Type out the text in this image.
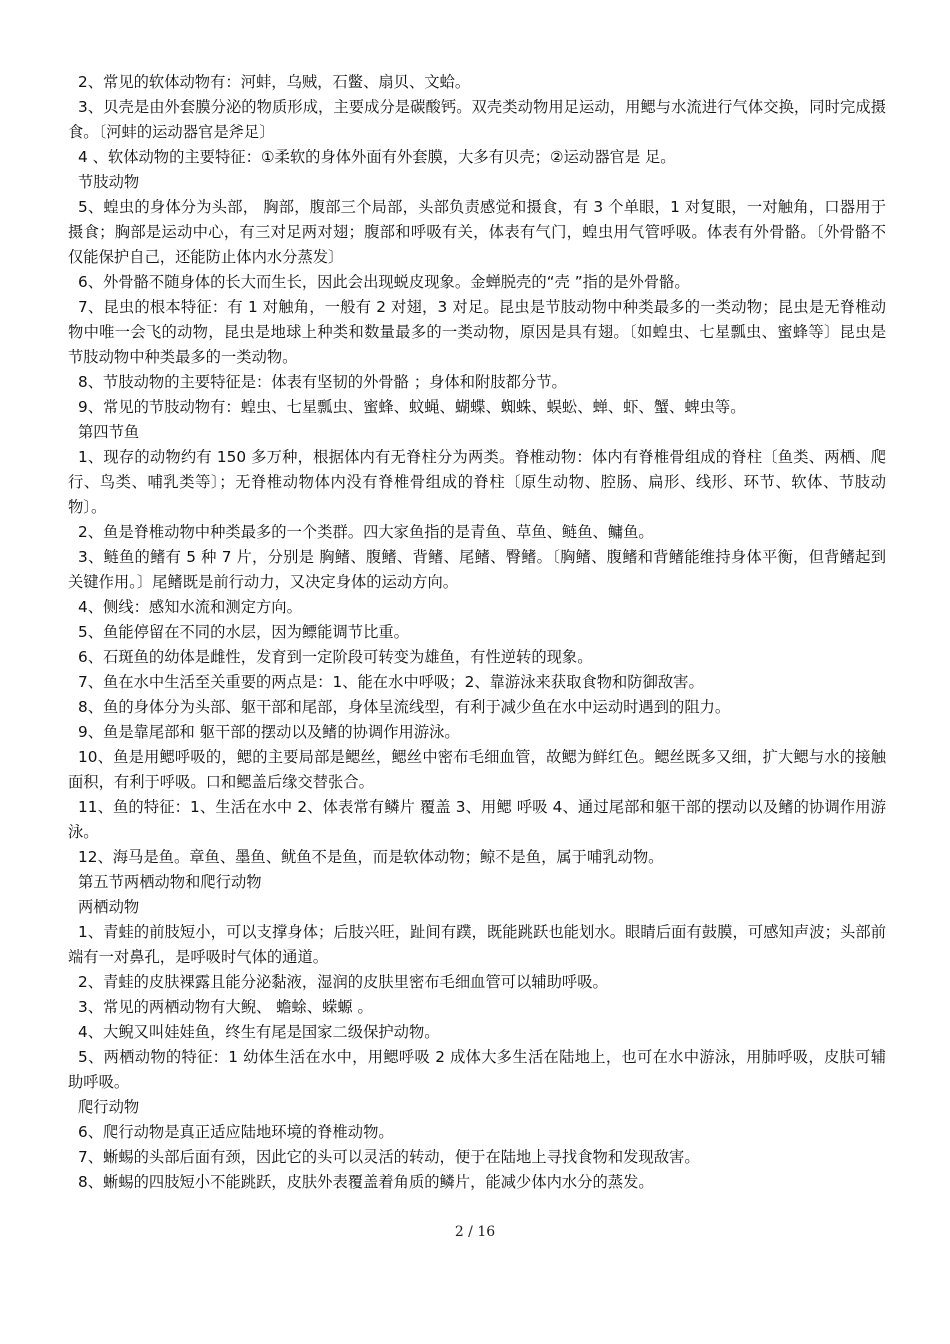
2、常见的软体动物有：河蚌，乌贼，石鳖、扇贝、文蛤。

3、贝壳是由外套膜分泌的物质形成，主要成分是碳酸钙。双壳类动物用足运动，用鳃与水流进行气体交换，同时完成摄食。〔河蚌的运动器官是斧足〕

4 、软体动物的主要特征：①柔软的身体外面有外套膜，大多有贝壳；②运动器官是 足。

节肢动物

5、蝗虫的身体分为头部， 胸部，腹部三个局部，头部负责感觉和摄食，有 3 个单眼，1 对复眼，一对触角，口器用于摄食；胸部是运动中心，有三对足两对翅；腹部和呼吸有关，体表有气门，蝗虫用气管呼吸。体表有外骨骼。〔外骨骼不仅能保护自己，还能防止体内水分蒸发〕

6、外骨骼不随身体的长大而生长，因此会出现蜕皮现象。金蝉脱壳的“壳 ”指的是外骨骼。

7、昆虫的根本特征：有 1 对触角，一般有 2 对翅，3 对足。昆虫是节肢动物中种类最多的一类动物；昆虫是无脊椎动物中唯一会飞的动物，昆虫是地球上种类和数量最多的一类动物，原因是具有翅。〔如蝗虫、七星瓢虫、蜜蜂等〕昆虫是节肢动物中种类最多的一类动物。

8、节肢动物的主要特征是：体表有坚韧的外骨骼 ；身体和附肢都分节。

9、常见的节肢动物有：蝗虫、七星瓢虫、蜜蜂、蚊蝇、蝴蝶、蜘蛛、蜈蚣、蝉、虾、蟹、蜱虫等。

第四节鱼

1、现存的动物约有 150 多万种，根据体内有无脊柱分为两类。脊椎动物：体内有脊椎骨组成的脊柱〔鱼类、两栖、爬行、鸟类、哺乳类等〕；无脊椎动物体内没有脊椎骨组成的脊柱〔原生动物、腔肠、扁形、线形、环节、软体、节肢动物〕。

2、鱼是脊椎动物中种类最多的一个类群。四大家鱼指的是青鱼、草鱼、鲢鱼、鳙鱼。

3、鲢鱼的鳍有 5 种 7 片，分别是 胸鳍、腹鳍、背鳍、尾鳍、臀鳍。〔胸鳍、腹鳍和背鳍能维持身体平衡，但背鳍起到关键作用。〕尾鳍既是前行动力，又决定身体的运动方向。

4、侧线：感知水流和测定方向。

5、鱼能停留在不同的水层，因为鳔能调节比重。

6、石斑鱼的幼体是雌性，发育到一定阶段可转变为雄鱼，有性逆转的现象。

7、鱼在水中生活至关重要的两点是：1、能在水中呼吸；2、靠游泳来获取食物和防御敌害。

8、鱼的身体分为头部、躯干部和尾部，身体呈流线型，有利于减少鱼在水中运动时遇到的阻力。

9、鱼是靠尾部和 躯干部的摆动以及鳍的协调作用游泳。

10、鱼是用鳃呼吸的，鳃的主要局部是鳃丝，鳃丝中密布毛细血管，故鳃为鲜红色。鳃丝既多又细，扩大鳃与水的接触面积，有利于呼吸。口和鳃盖后缘交替张合。

11、鱼的特征：1、生活在水中 2、体表常有鳞片 覆盖 3、用鳃 呼吸 4、通过尾部和躯干部的摆动以及鳍的协调作用游泳。

12、海马是鱼。章鱼、墨鱼、鱿鱼不是鱼，而是软体动物；鲸不是鱼，属于哺乳动物。

第五节两栖动物和爬行动物

两栖动物

1、青蛙的前肢短小，可以支撑身体；后肢兴旺，趾间有蹼，既能跳跃也能划水。眼睛后面有鼓膜，可感知声波；头部前端有一对鼻孔，是呼吸时气体的通道。

2、青蛙的皮肤裸露且能分泌黏液，湿润的皮肤里密布毛细血管可以辅助呼吸。

3、常见的两栖动物有大鲵、 蟾蜍、蝾螈 。

4、大鲵又叫娃娃鱼，终生有尾是国家二级保护动物。

5、两栖动物的特征：1 幼体生活在水中，用鳃呼吸 2 成体大多生活在陆地上，也可在水中游泳，用肺呼吸，皮肤可辅助呼吸。

爬行动物

6、爬行动物是真正适应陆地环境的脊椎动物。

7、蜥蜴的头部后面有颈，因此它的头可以灵活的转动，便于在陆地上寻找食物和发现敌害。

8、蜥蜴的四肢短小不能跳跃，皮肤外表覆盖着角质的鳞片，能减少体内水分的蒸发。

2 / 16
